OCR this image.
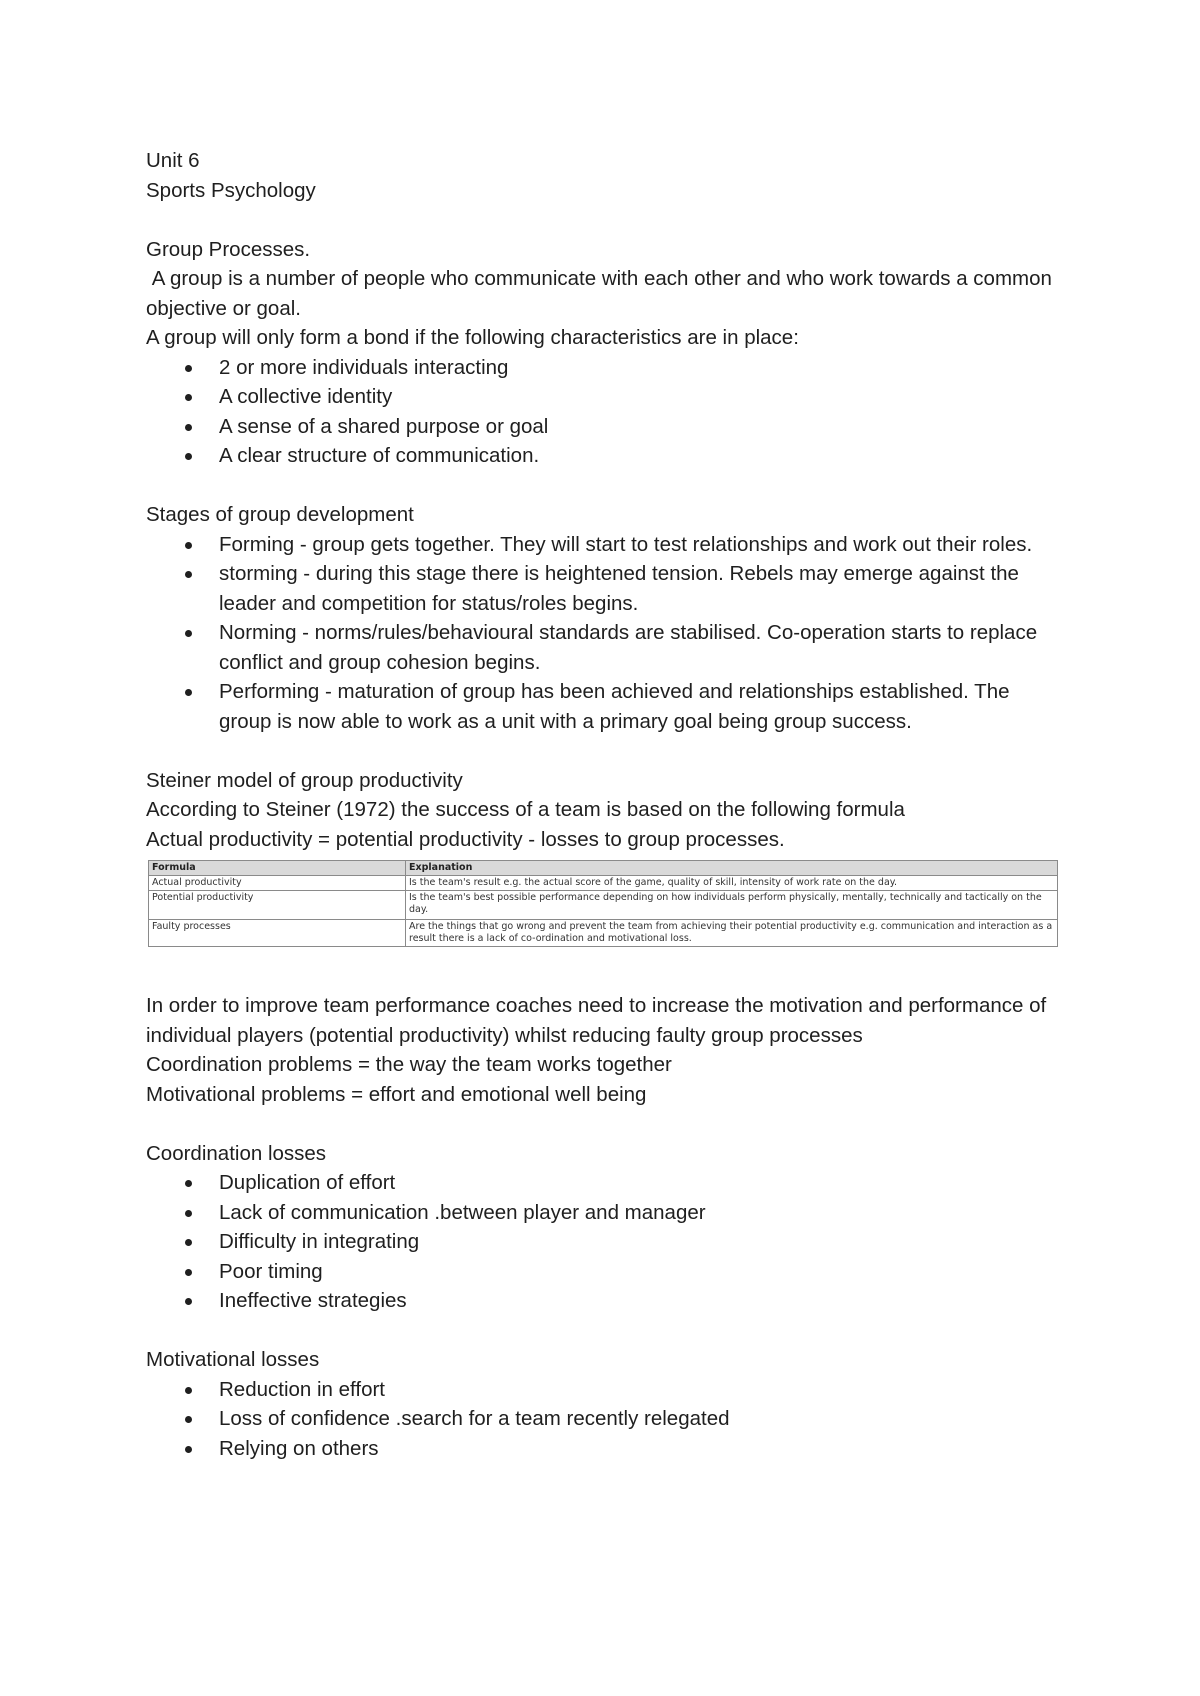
Unit 6

Sports Psychology

Group Processes.

A group is a number of people who communicate with each other and who work towards a common objective or goal.

A group will only form a bond if the following characteristics are in place:

2 or more individuals interacting
A collective identity
A sense of a shared purpose or goal
A clear structure of communication.

Stages of group development

Forming - group gets together. They will start to test relationships and work out their roles.
storming - during this stage there is heightened tension. Rebels may emerge against the leader and competition for status/roles begins.
Norming - norms/rules/behavioural standards are stabilised. Co-operation starts to replace conflict and group cohesion begins.
Performing - maturation of group has been achieved and relationships established. The group is now able to work as a unit with a primary goal being group success.

Steiner model of group productivity

According to Steiner (1972) the success of a team is based on the following formula

Actual productivity = potential productivity - losses to group processes.

Formula	Explanation
Actual productivity	Is the team's result e.g. the actual score of the game, quality of skill, intensity of work rate on the day.
Potential productivity	Is the team's best possible performance depending on how individuals perform physically, mentally, technically and tactically on the day.
Faulty processes	Are the things that go wrong and prevent the team from achieving their potential productivity e.g. communication and interaction as a result there is a lack of co-ordination and motivational loss.

In order to improve team performance coaches need to increase the motivation and performance of individual players (potential productivity) whilst reducing faulty group processes

Coordination problems = the way the team works together

Motivational problems = effort and emotional well being

Coordination losses

Duplication of effort
Lack of communication .between player and manager
Difficulty in integrating
Poor timing
Ineffective strategies

Motivational losses

Reduction in effort
Loss of confidence .search for a team recently relegated
Relying on others
